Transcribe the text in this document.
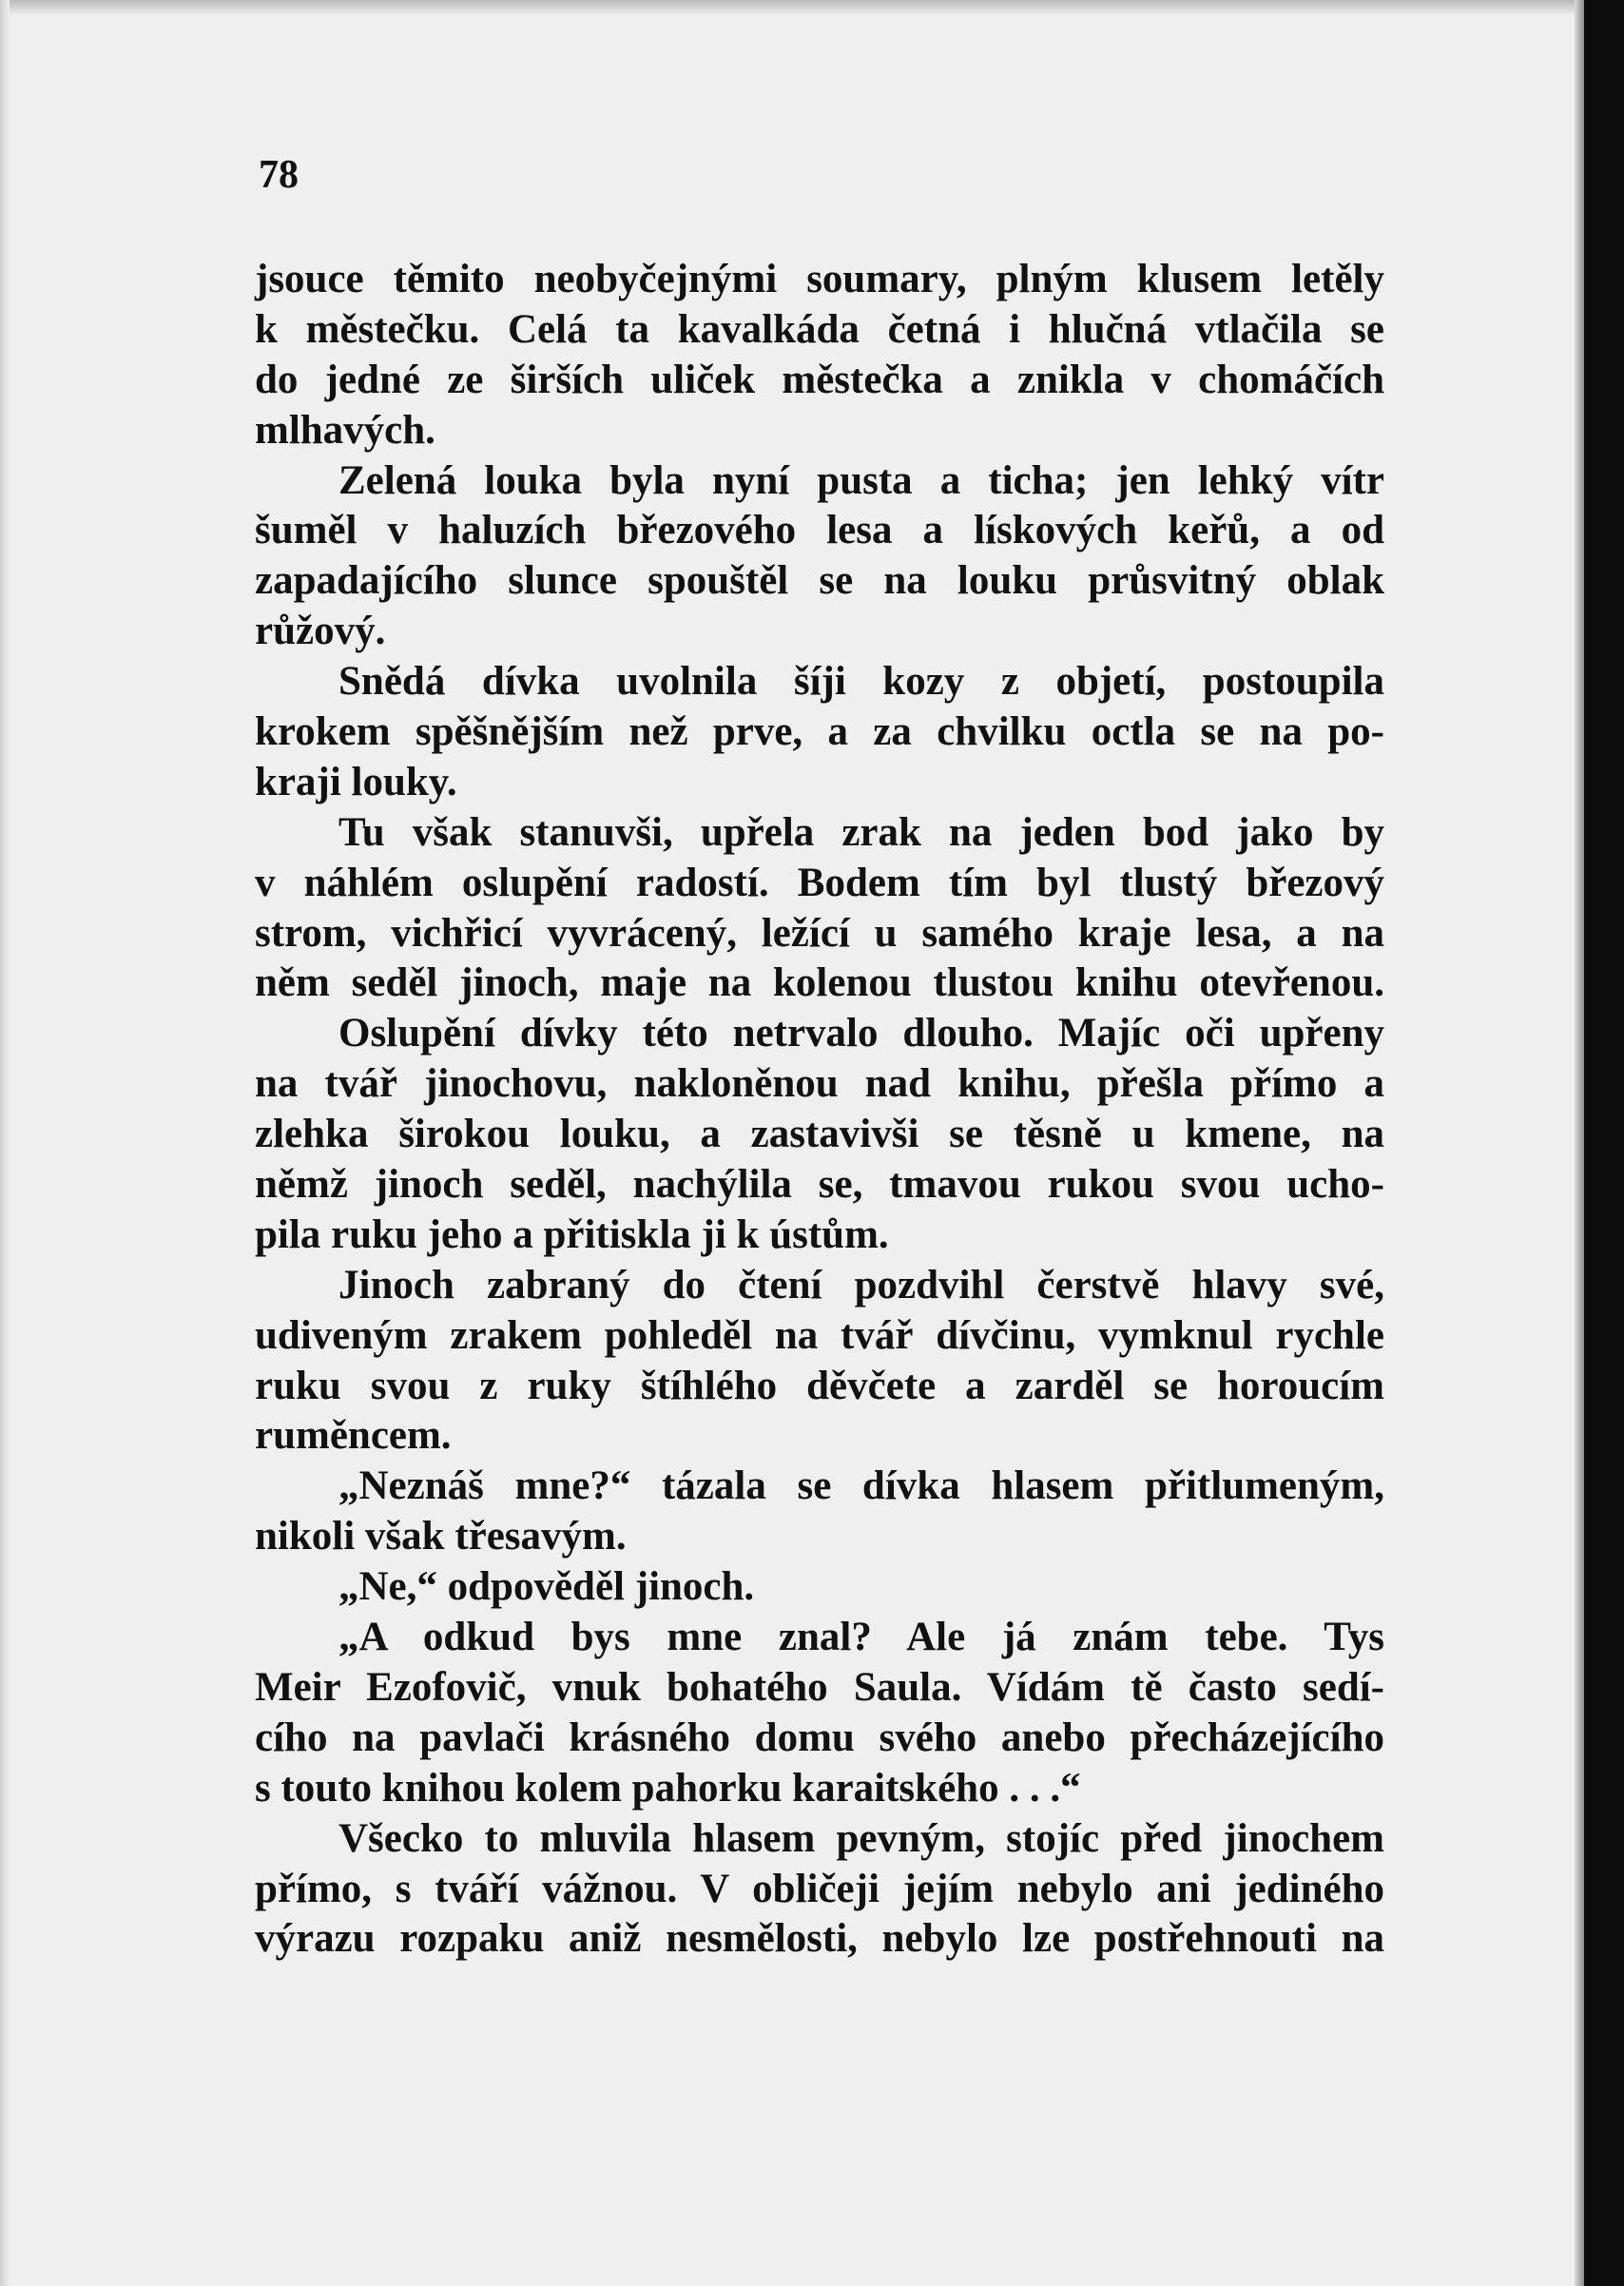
78
jsouce těmito neobyčejnými soumary, plným klusem letěly
k městečku. Celá ta kavalkáda četná i hlučná vtlačila se
do jedné ze širších uliček městečka a znikla v chomáčích
mlhavých.
Zelená louka byla nyní pusta a ticha; jen lehký vítr
šuměl v haluzích březového lesa a lískových keřů, a od
zapadajícího slunce spouštěl se na louku průsvitný oblak
růžový.
Snědá dívka uvolnila šíji kozy z objetí, postoupila
krokem spěšnějším než prve, a za chvilku octla se na po-
kraji louky.
Tu však stanuvši, upřela zrak na jeden bod jako by
v náhlém oslupění radostí. Bodem tím byl tlustý březový
strom, vichřicí vyvrácený, ležící u samého kraje lesa, a na
něm seděl jinoch, maje na kolenou tlustou knihu otevřenou.
Oslupění dívky této netrvalo dlouho. Majíc oči upřeny
na tvář jinochovu, nakloněnou nad knihu, přešla přímo a
zlehka širokou louku, a zastavivši se těsně u kmene, na
němž jinoch seděl, nachýlila se, tmavou rukou svou ucho-
pila ruku jeho a přitiskla ji k ústům.
Jinoch zabraný do čtení pozdvihl čerstvě hlavy své,
udiveným zrakem pohleděl na tvář dívčinu, vymknul rychle
ruku svou z ruky štíhlého děvčete a zarděl se horoucím
ruměncem.
„Neznáš mne?“ tázala se dívka hlasem přitlumeným,
nikoli však třesavým.
„Ne,“ odpověděl jinoch.
„A odkud bys mne znal? Ale já znám tebe. Tys
Meir Ezofovič, vnuk bohatého Saula. Vídám tě často sedí-
cího na pavlači krásného domu svého anebo přecházejícího
s touto knihou kolem pahorku karaitského . . .“
Všecko to mluvila hlasem pevným, stojíc před jinochem
přímo, s tváří vážnou. V obličeji jejím nebylo ani jediného
výrazu rozpaku aniž nesmělosti, nebylo lze postřehnouti na
